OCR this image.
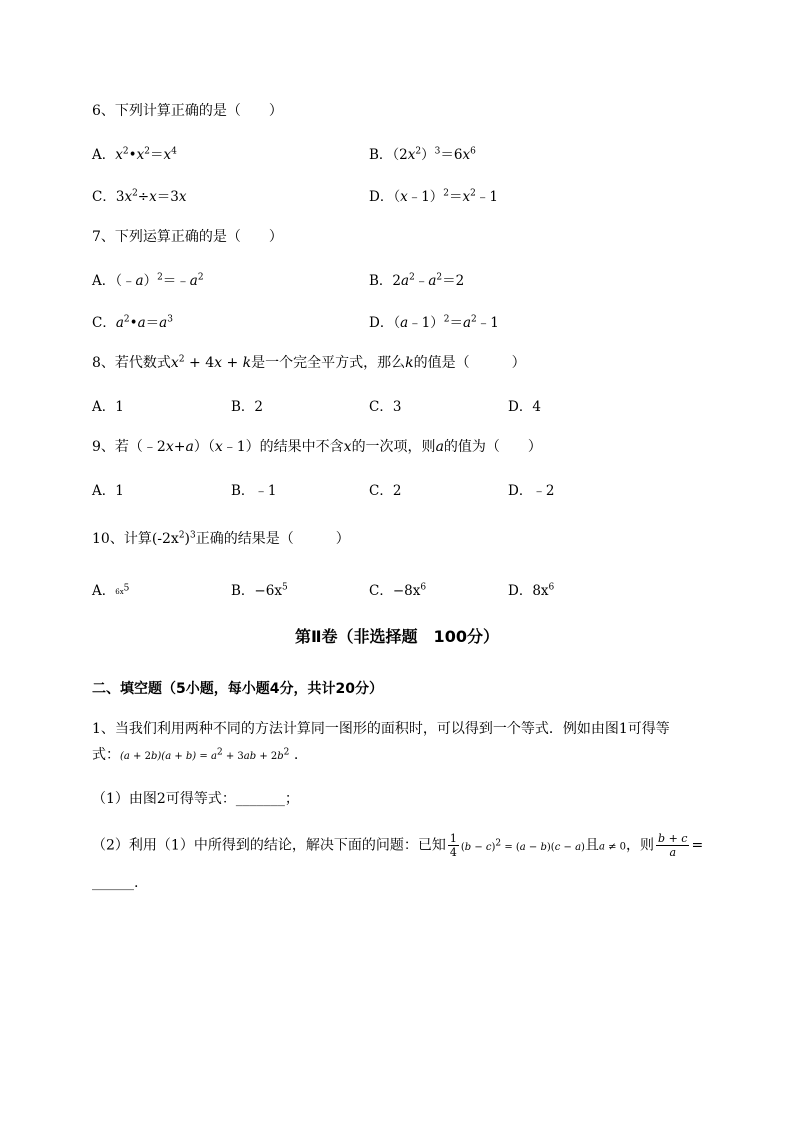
6、下列计算正确的是（　　）
A．$x^2•x^2=x^4$	B．$(2x^2)^3=6x^6$
C．$3x^2\div x=3x$	D．$(x﹣1)^2=x^2﹣1$
7、下列运算正确的是（　　）
A．$(﹣a)^2=﹣a^2$	B．$2a^2﹣a^2=2$
C．$a^2•a=a^3$	D．$(a﹣1)^2=a^2﹣1$
8、若代数式$x^2 + 4x + k$是一个完全平方式，那么k的值是（　　　）
A．1	B．2	C．3	D．4
9、若（﹣2x+a）（x﹣1）的结果中不含x的一次项，则a的值为（　　）
A．1	B．﹣1	C．2	D．﹣2
10、计算$(-2x^2)^3$正确的结果是（　　　）
A．$6x^5$	B．$-6x^5$	C．$-8x^6$	D．$8x^6$
第Ⅱ卷（非选择题　100分）
二、填空题（5小题，每小题4分，共计20分）
1、当我们利用两种不同的方法计算同一图形的面积时，可以得到一个等式．例如由图1可得等
式：$(a + 2b)(a + b) = a^2 + 3ab + 2b^2$ .
（1）由图2可得等式：_______；
（2）利用（1）中所得到的结论，解决下面的问题：已知 $\frac{1}{4} (b - c)^2 = (a - b)(c - a)$且a ≠ 0，则 $\frac{b + c}{a}$ =
______.
